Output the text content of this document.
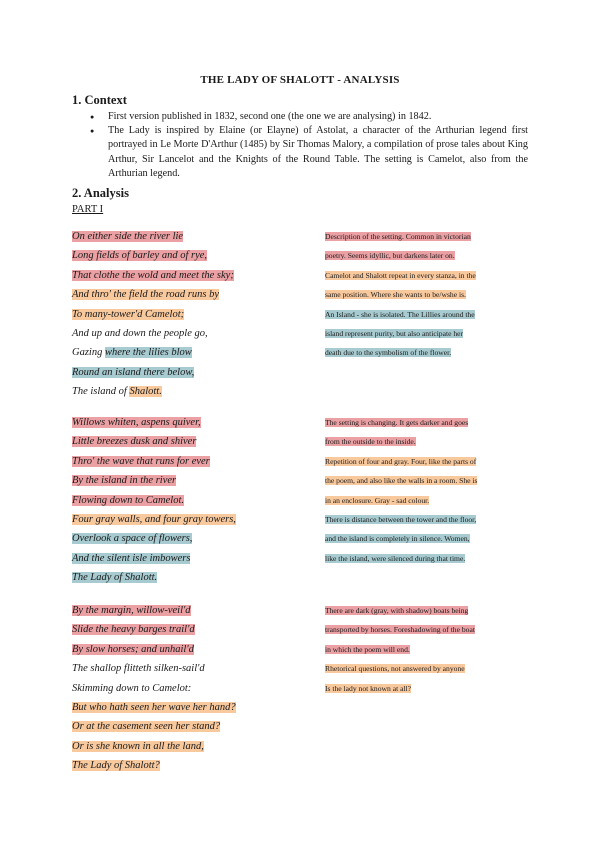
THE LADY OF SHALOTT - ANALYSIS
1. Context
● First version published in 1832, second one (the one we are analysing) in 1842.
● The Lady is inspired by Elaine (or Elayne) of Astolat, a character of the Arthurian legend first portrayed in Le Morte D'Arthur (1485) by Sir Thomas Malory, a compilation of prose tales about King Arthur, Sir Lancelot and the Knights of the Round Table. The setting is Camelot, also from the Arthurian legend.
2. Analysis
PART I
On either side the river lie
Long fields of barley and of rye,
That clothe the wold and meet the sky;
And thro' the field the road runs by
To many-tower'd Camelot;
And up and down the people go,
Gazing where the lilies blow
Round an island there below,
The island of Shalott.
Description of the setting. Common in victorian
poetry. Seems idyllic, but darkens later on.
Camelot and Shalott repeat in every stanza, in the
same position. Where she wants to be/wshe is.
An Island - she is isolated. The Lillies around the
island represent purity, but also anticipate her
death due to the symbolism of the flower.
Willows whiten, aspens quiver,
Little breezes dusk and shiver
Thro' the wave that runs for ever
By the island in the river
Flowing down to Camelot.
Four gray walls, and four gray towers,
Overlook a space of flowers,
And the silent isle imbowers
The Lady of Shalott.
The setting is changing. It gets darker and goes
from the outside to the inside.
Repetition of four and gray. Four, like the parts of
the poem, and also like the walls in a room. She is
in an enclosure. Gray - sad colour.
There is distance between the tower and the floor,
and the island is completely in silence. Women,
like the island, were silenced during that time.
By the margin, willow-veil'd
Slide the heavy barges trail'd
By slow horses; and unhail'd
The shallop flitteth silken-sail'd
Skimming down to Camelot:
But who hath seen her wave her hand?
Or at the casement seen her stand?
Or is she known in all the land,
The Lady of Shalott?
There are dark (gray, with shadow) boats being
transported by horses. Foreshadowing of the boat
in which the poem will end.
Rhetorical questions, not answered by anyone
Is the lady not known at all?
